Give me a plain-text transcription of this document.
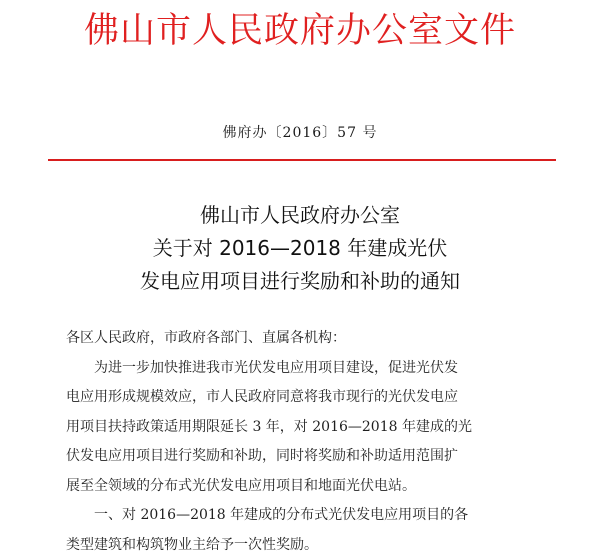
佛山市人民政府办公室文件
佛府办〔2016〕57 号
佛山市人民政府办公室
关于对 2016—2018 年建成光伏
发电应用项目进行奖励和补助的通知
各区人民政府，市政府各部门、直属各机构：
为进一步加快推进我市光伏发电应用项目建设，促进光伏发
电应用形成规模效应，市人民政府同意将我市现行的光伏发电应
用项目扶持政策适用期限延长 3 年，对 2016—2018 年建成的光
伏发电应用项目进行奖励和补助，同时将奖励和补助适用范围扩
展至全领域的分布式光伏发电应用项目和地面光伏电站。
一、对 2016—2018 年建成的分布式光伏发电应用项目的各
类型建筑和构筑物业主给予一次性奖励。
